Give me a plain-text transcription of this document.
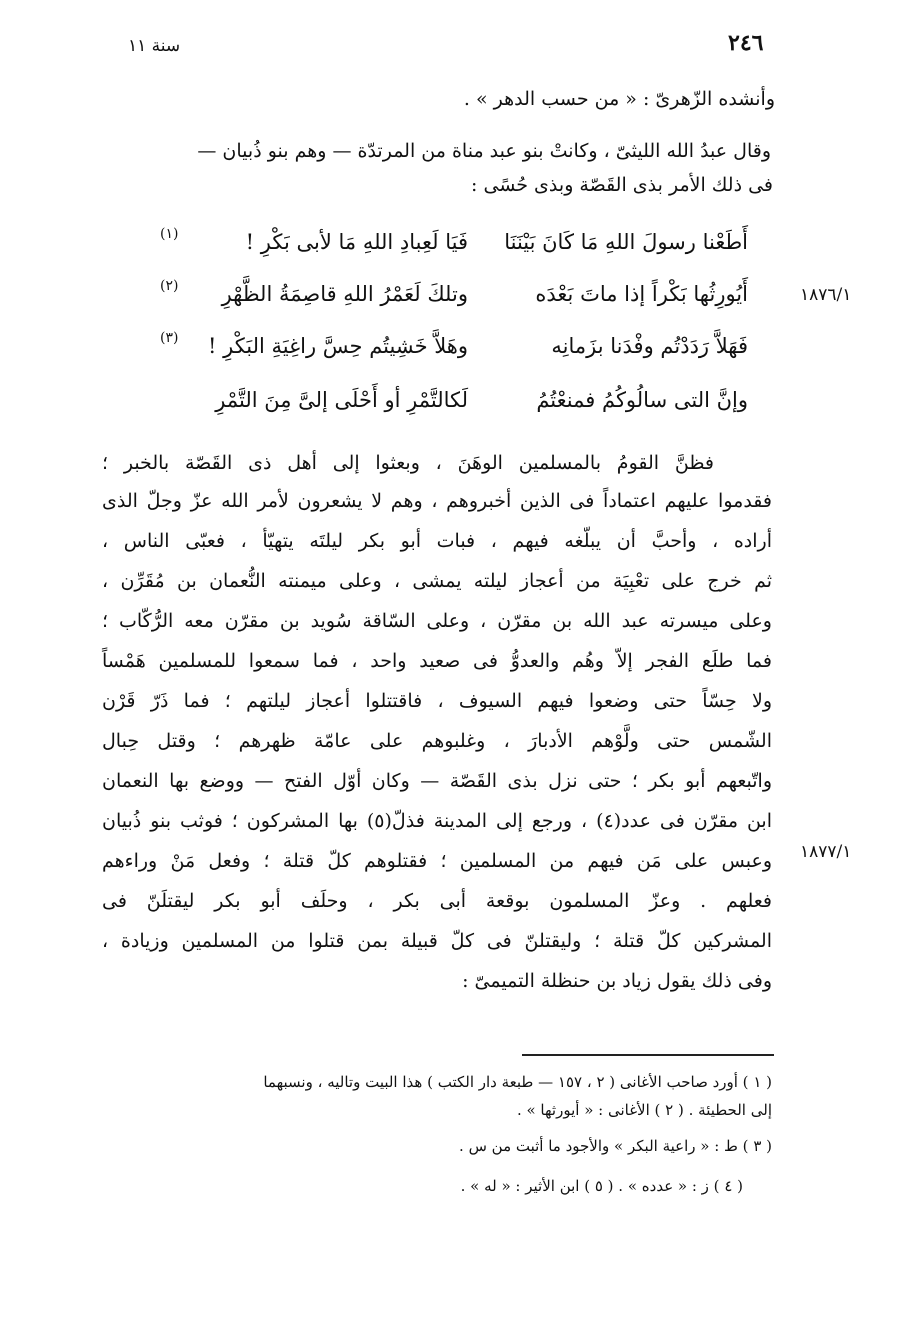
٢٤٦
سنة ١١
١٨٧٦/١
١٨٧٧/١
وأنشده الزّهرىّ : « من حسب الدهر » .
وقال عبدُ الله الليثىّ ، وكانتْ بنو عبد مناة من المرتدّة — وهم بنو ذُبيان —
فى ذلك الأمر بذى القَصّة وبذى حُسًى :
أَطَعْنا رسولَ اللهِ مَا كَانَ بَيْنَنَا
فَيَا لَعِبادِ اللهِ مَا لأبى بَكْرِ !
(١)
أَيُورِثُها بَكْراً إذا ماتَ بَعْدَه
وتلكَ لَعَمْرُ اللهِ قاصِمَةُ الظَّهْرِ
(٢)
فَهَلاَّ رَدَدْتُم وفْدَنا بزَمانِه
وهَلاَّ خَشِيتُم حِسَّ راغِيَةِ البَكْرِ !
(٣)
وإنَّ التى سالُوكُمُ فمنعْتُمُ
لَكالتَّمْرِ أو أَحْلَى إلىَّ مِنَ التَّمْرِ
فظنَّ القومُ بالمسلمين الوهَنَ ، وبعثوا إلى أهل ذى القَصّة بالخبر ؛
فقدموا عليهم اعتماداً فى الذين أخبروهم ، وهم لا يشعرون لأمر الله عزّ وجلّ الذى
أراده ، وأحبَّ أن يبلّغه فيهم ، فبات أبو بكر ليلتَه يتهيّأ ، فعبّى الناس ،
ثم خرج على تعْبِيَة من أعجاز ليلته يمشى ، وعلى ميمنته النُّعمان بن مُقَرِّن ،
وعلى ميسرته عبد الله بن مقرّن ، وعلى السّاقة سُويد بن مقرّن معه الرُّكّاب ؛
فما طلَع الفجر إلاّ وهُم والعدوُّ فى صعيد واحد ، فما سمعوا للمسلمين هَمْساً
ولا حِسّاً حتى وضعوا فيهم السيوف ، فاقتتلوا أعجاز ليلتهم ؛ فما ذَرّ قَرْن
الشّمس حتى ولَّوْهم الأدبارَ ، وغلبوهم على عامّة ظهرهم ؛ وقتل حِبال
واتّبعهم أبو بكر ؛ حتى نزل بذى القَصّة — وكان أوّل الفتح — ووضع بها النعمان
ابن مقرّن فى عدد(٤) ، ورجع إلى المدينة فذلّ(٥) بها المشركون ؛ فوثب بنو ذُبيان
وعبس على مَن فيهم من المسلمين ؛ فقتلوهم كلّ قتلة ؛ وفعل مَنْ وراءهم
فعلهم . وعزّ المسلمون بوقعة أبى بكر ، وحلَف أبو بكر ليقتلَنّ فى
المشركين كلّ قتلة ؛ وليقتلنّ فى كلّ قبيلة بمن قتلوا من المسلمين وزيادة ،
وفى ذلك يقول زياد بن حنظلة التميمىّ :
( ١ ) أورد صاحب الأغانى ( ٢ ، ١٥٧ — طبعة دار الكتب ) هذا البيت وتاليه ، ونسبهما
إلى الحطيئة . ( ٢ ) الأغانى : « أيورثها » .
( ٣ ) ط : « راعية البكر » والأجود ما أثبت من س .
( ٤ ) ز : « عدده » . ( ٥ ) ابن الأثير : « له » .
